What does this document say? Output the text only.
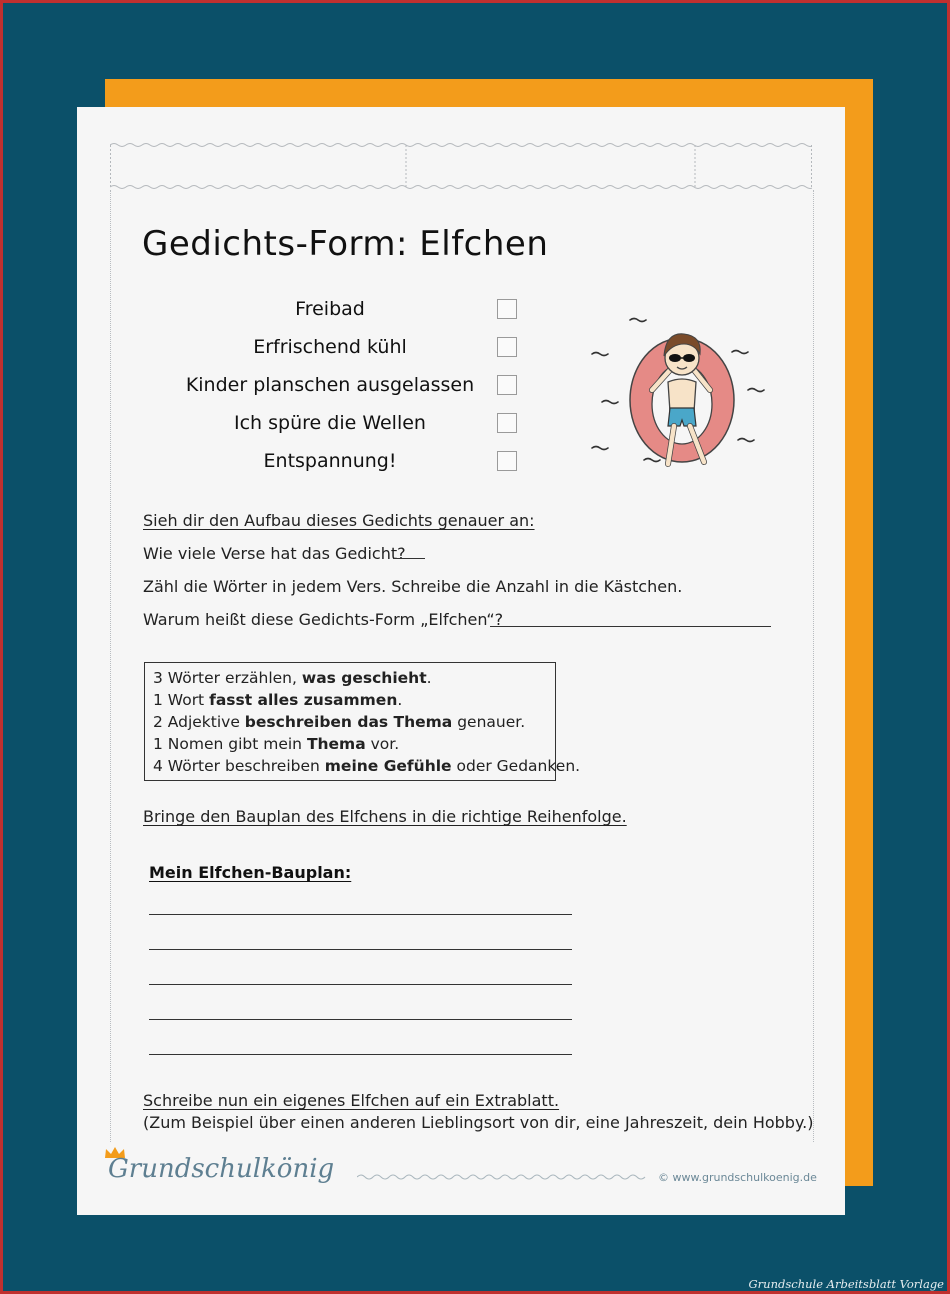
Gedichts-Form: Elfchen
Freibad
Erfrischend kühl
Kinder planschen ausgelassen
Ich spüre die Wellen
Entspannung!
Sieh dir den Aufbau dieses Gedichts genauer an:
Wie viele Verse hat das Gedicht?
Zähl die Wörter in jedem Vers. Schreibe die Anzahl in die Kästchen.
Warum heißt diese Gedichts-Form „Elfchen“?
3 Wörter erzählen, was geschieht.
1 Wort fasst alles zusammen.
2 Adjektive beschreiben das Thema genauer.
1 Nomen gibt mein Thema vor.
4 Wörter beschreiben meine Gefühle oder Gedanken.
Bringe den Bauplan des Elfchens in die richtige Reihenfolge.
Mein Elfchen-Bauplan:
Schreibe nun ein eigenes Elfchen auf ein Extrablatt.
(Zum Beispiel über einen anderen Lieblingsort von dir, eine Jahreszeit, dein Hobby.)
Grundschulkönig	© www.grundschulkoenig.de
Grundschule Arbeitsblatt Vorlage
